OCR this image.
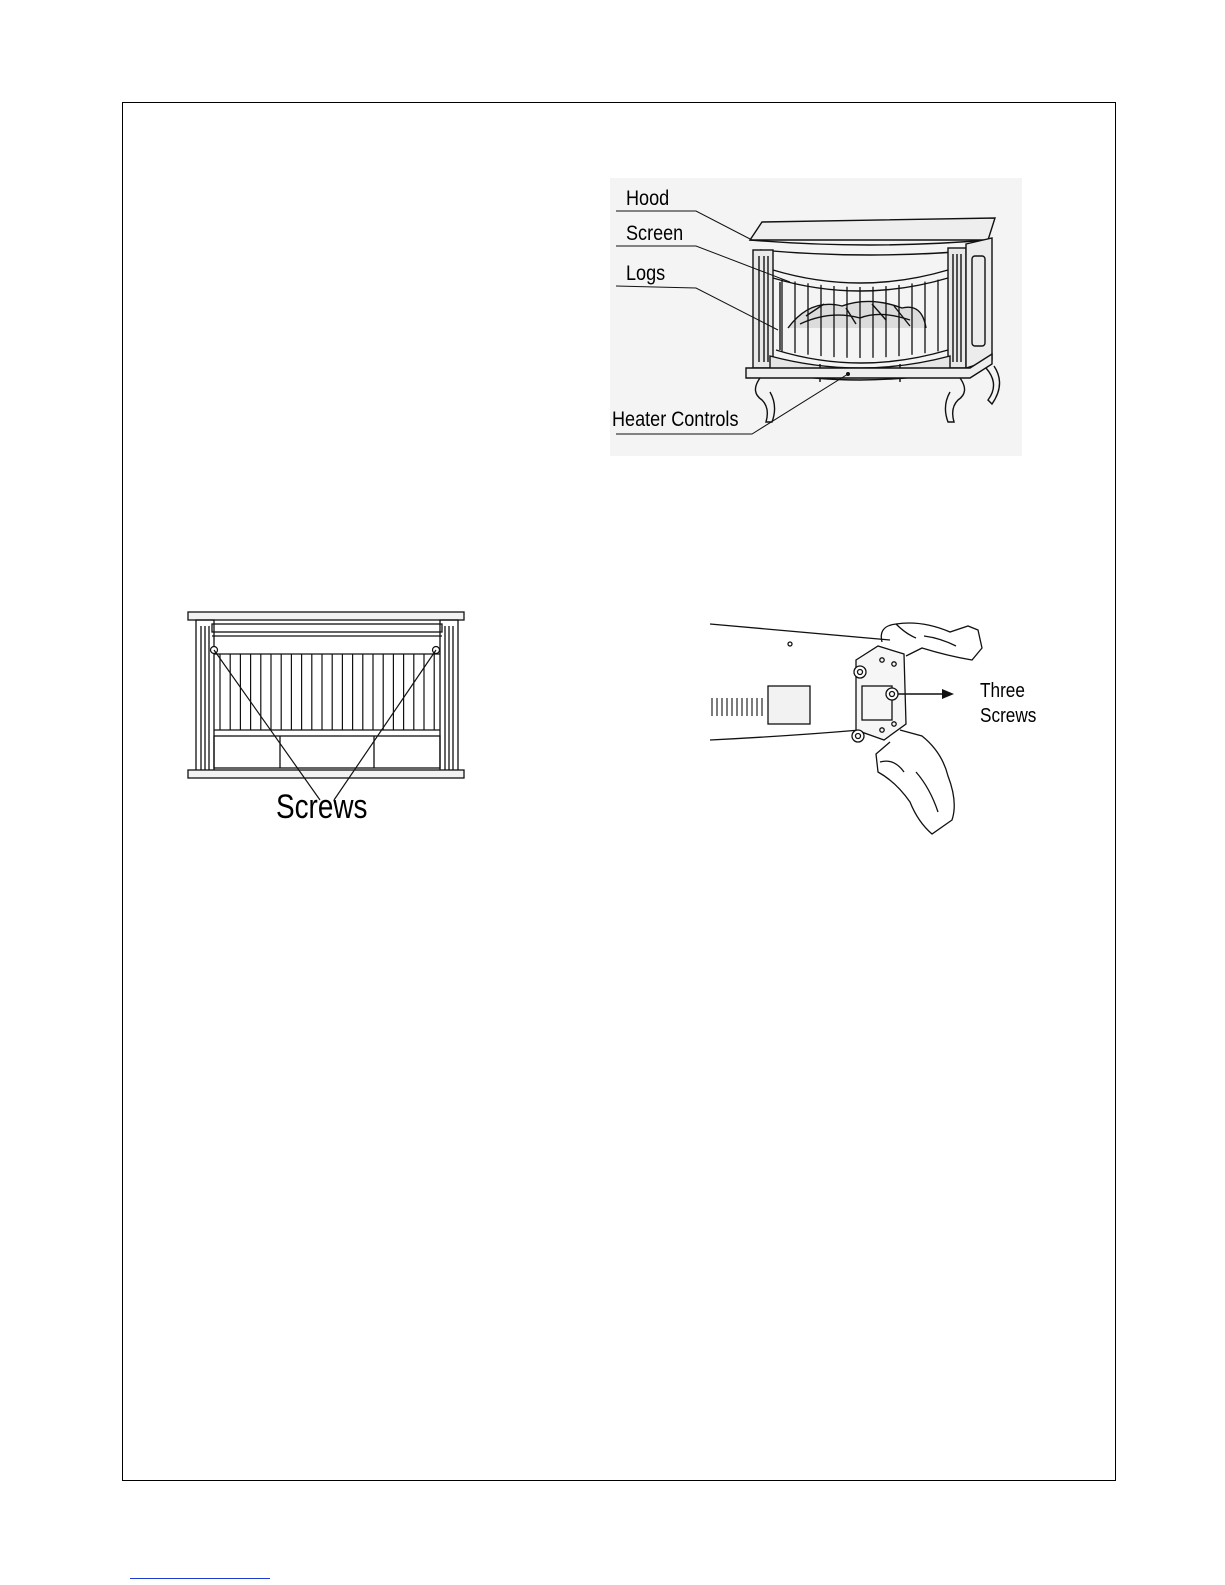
Hood
Screen
Logs
Heater Controls
Screws
Three
Screws
